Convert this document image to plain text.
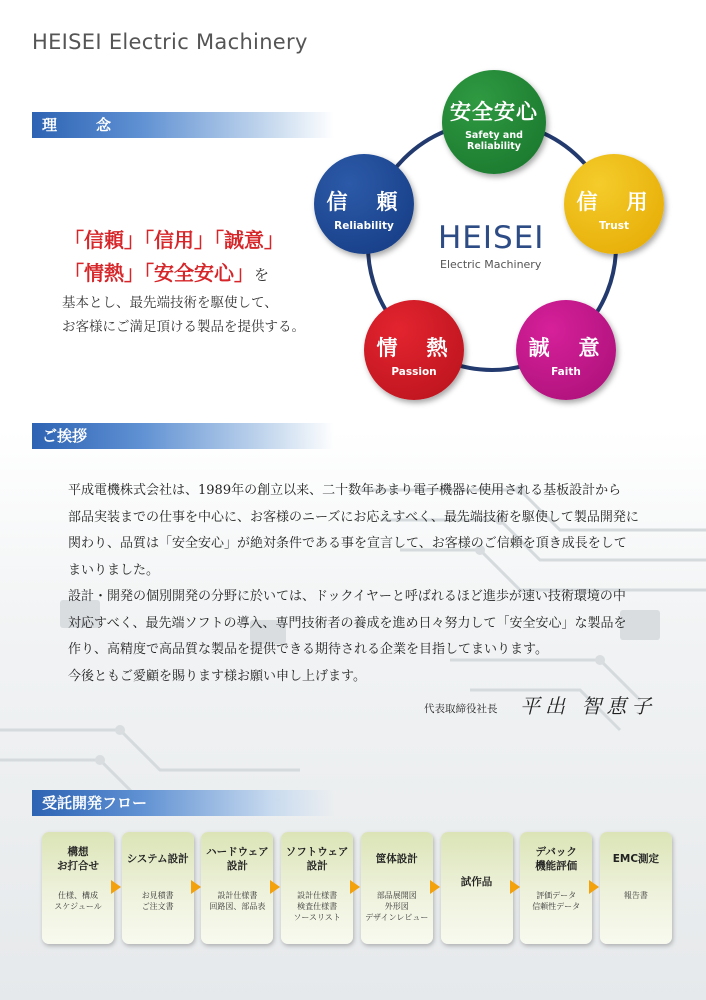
HEISEI Electric Machinery
理　念
「信頼」「信用」「誠意」
「情熱」「安全安心」を
基本とし、最先端技術を駆使して、
お客様にご満足頂ける製品を提供する。
HEISEI
Electric Machinery
安全安心
Safety and Reliability
信　頼
Reliability
信　用
Trust
情　熱
Passion
誠　意
Faith
ご挨拶

平成電機株式会社は、1989年の創立以来、二十数年あまり電子機器に使用される基板設計から

部品実装までの仕事を中心に、お客様のニーズにお応えすべく、最先端技術を駆使して製品開発に

関わり、品質は「安全安心」が絶対条件である事を宣言して、お客様のご信頼を頂き成長をして

まいりました。

設計・開発の個別開発の分野に於いては、ドックイヤーと呼ばれるほど進歩が速い技術環境の中

対応すべく、最先端ソフトの導入、専門技術者の養成を進め日々努力して「安全安心」な製品を

作り、高精度で高品質な製品を提供できる期待される企業を目指してまいります。

今後ともご愛顧を賜ります様お願い申し上げます。

代表取締役社長 平出 智恵子
受託開発フロー
構想
お打合せ
仕様、構成
スケジュール
システム設計
お見積書
ご注文書
ハードウェア
設計
設計仕様書
回路図、部品表
ソフトウェア
設計
設計仕様書
検査仕様書
ソースリスト
筐体設計
部品展開図
外形図
デザインレビュー
試作品
デバック
機能評価
評価データ
信頼性データ
EMC測定
報告書
